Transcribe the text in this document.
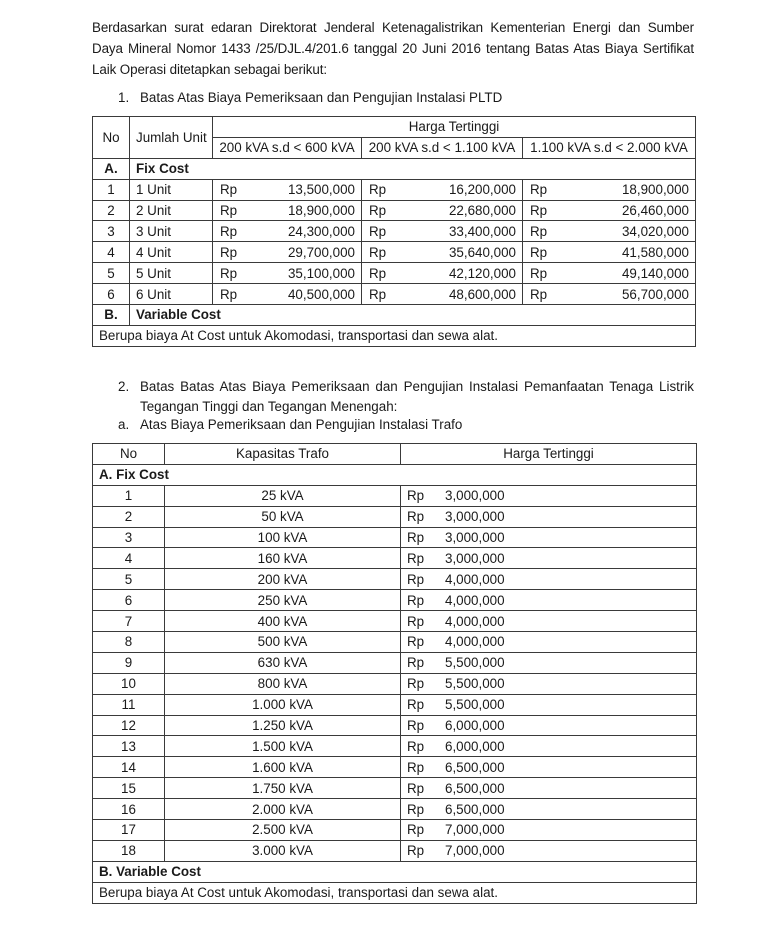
Berdasarkan surat edaran Direktorat Jenderal Ketenagalistrikan Kementerian Energi dan Sumber Daya Mineral Nomor 1433 /25/DJL.4/201.6 tanggal 20 Juni 2016 tentang Batas Atas Biaya Sertifikat Laik Operasi ditetapkan sebagai berikut:
1. Batas Atas Biaya Pemeriksaan dan Pengujian Instalasi PLTD
No	Jumlah Unit	Harga Tertinggi		
		200 kVA s.d < 600 kVA	200 kVA s.d < 1.100 kVA	1.100 kVA s.d < 2.000 kVA
A.	Fix Cost			
1	1 Unit	Rp 13,500,000	Rp 16,200,000	Rp 18,900,000
2	2 Unit	Rp 18,900,000	Rp 22,680,000	Rp 26,460,000
3	3 Unit	Rp 24,300,000	Rp 33,400,000	Rp 34,020,000
4	4 Unit	Rp 29,700,000	Rp 35,640,000	Rp 41,580,000
5	5 Unit	Rp 35,100,000	Rp 42,120,000	Rp 49,140,000
6	6 Unit	Rp 40,500,000	Rp 48,600,000	Rp 56,700,000
B.	Variable Cost			
Berupa biaya At Cost untuk Akomodasi, transportasi dan sewa alat.				
2. Batas Batas Atas Biaya Pemeriksaan dan Pengujian Instalasi Pemanfaatan Tenaga Listrik
Tegangan Tinggi dan Tegangan Menengah:
a. Atas Biaya Pemeriksaan dan Pengujian Instalasi Trafo
No	Kapasitas Trafo	Harga Tertinggi
A. Fix Cost		
1	25 kVA	Rp 3,000,000
2	50 kVA	Rp 3,000,000
3	100 kVA	Rp 3,000,000
4	160 kVA	Rp 3,000,000
5	200 kVA	Rp 4,000,000
6	250 kVA	Rp 4,000,000
7	400 kVA	Rp 4,000,000
8	500 kVA	Rp 4,000,000
9	630 kVA	Rp 5,500,000
10	800 kVA	Rp 5,500,000
11	1.000 kVA	Rp 5,500,000
12	1.250 kVA	Rp 6,000,000
13	1.500 kVA	Rp 6,000,000
14	1.600 kVA	Rp 6,500,000
15	1.750 kVA	Rp 6,500,000
16	2.000 kVA	Rp 6,500,000
17	2.500 kVA	Rp 7,000,000
18	3.000 kVA	Rp 7,000,000
B. Variable Cost		
Berupa biaya At Cost untuk Akomodasi, transportasi dan sewa alat.		
